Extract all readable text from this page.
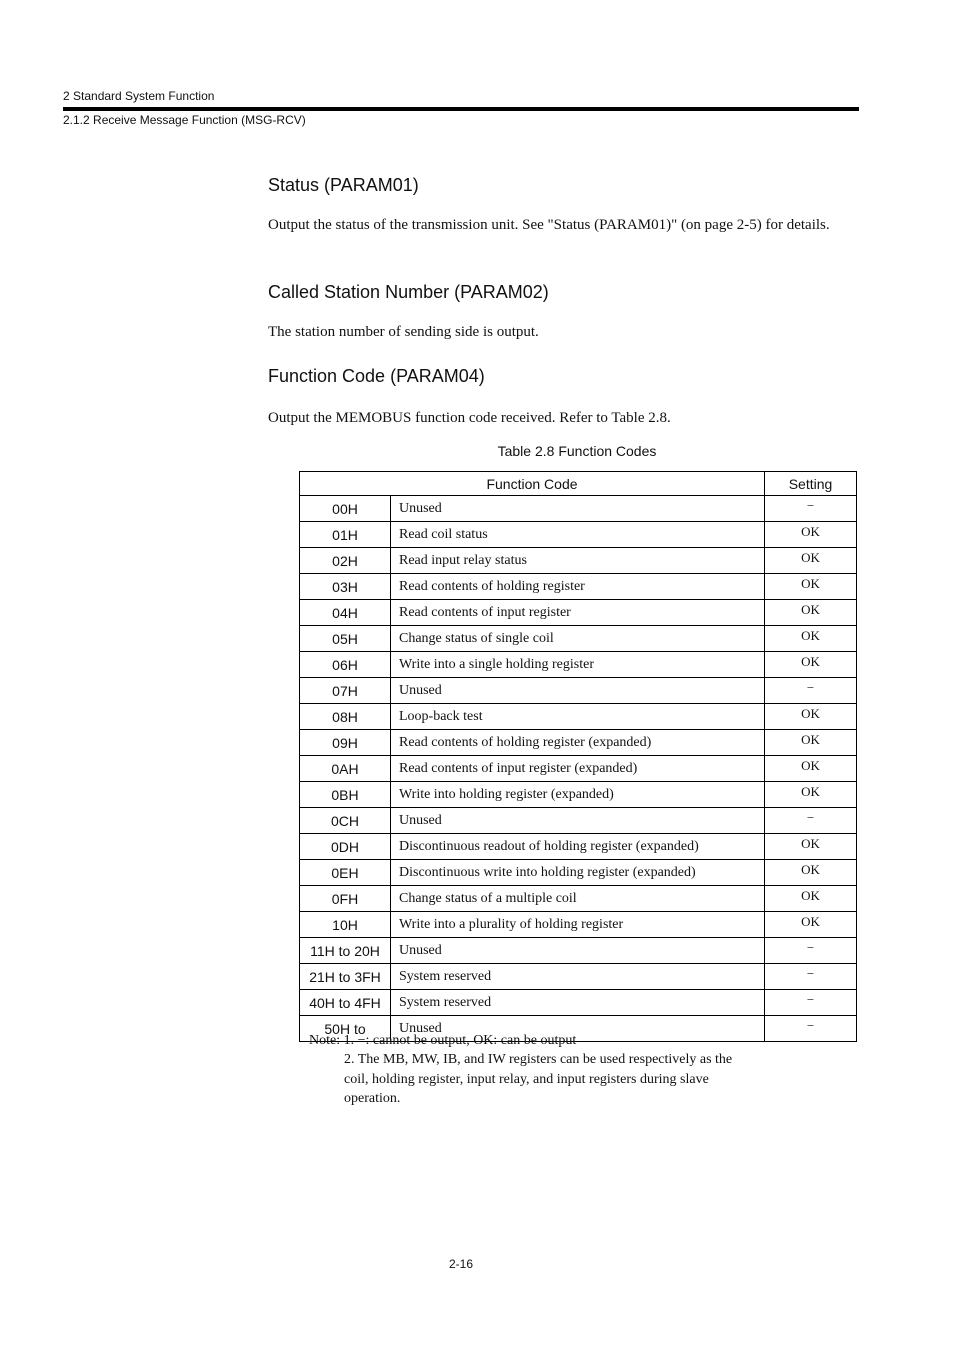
2 Standard System Function
2.1.2 Receive Message Function (MSG-RCV)
Status (PARAM01)
Output the status of the transmission unit. See "Status (PARAM01)" (on page 2-5) for details.
Called Station Number (PARAM02)
The station number of sending side is output.
Function Code (PARAM04)
Output the MEMOBUS function code received. Refer to Table 2.8.
Table 2.8 Function Codes
Function Code		Setting
00H	Unused	−
01H	Read coil status	OK
02H	Read input relay status	OK
03H	Read contents of holding register	OK
04H	Read contents of input register	OK
05H	Change status of single coil	OK
06H	Write into a single holding register	OK
07H	Unused	−
08H	Loop-back test	OK
09H	Read contents of holding register (expanded)	OK
0AH	Read contents of input register (expanded)	OK
0BH	Write into holding register (expanded)	OK
0CH	Unused	−
0DH	Discontinuous readout of holding register (expanded)	OK
0EH	Discontinuous write into holding register (expanded)	OK
0FH	Change status of a multiple coil	OK
10H	Write into a plurality of holding register	OK
11H to 20H	Unused	−
21H to 3FH	System reserved	−
40H to 4FH	System reserved	−
50H to	Unused	−
Note: 1. −: cannot be output, OK: can be output
2. The MB, MW, IB, and IW registers can be used respectively as the coil, holding register, input relay, and input registers during slave operation.
2-16
